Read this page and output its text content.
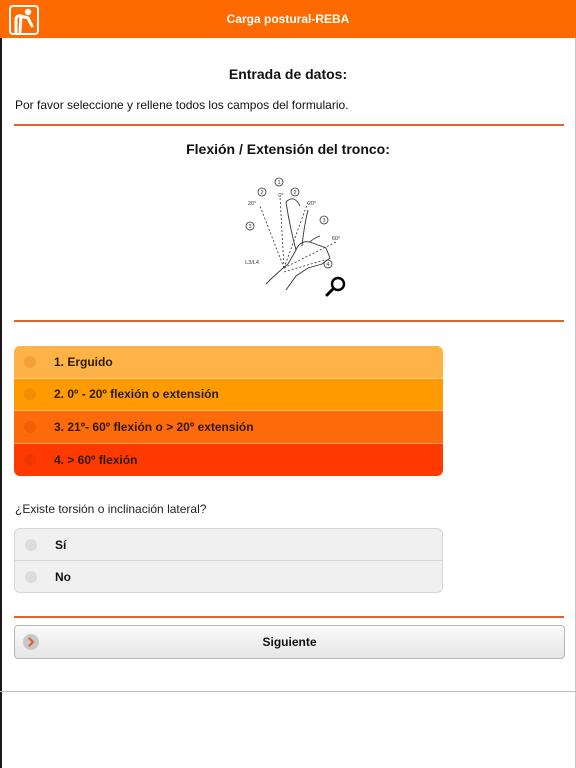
Carga postural-REBA
Entrada de datos:
Por favor seleccione y rellene todos los campos del formulario.
Flexión / Extensión del tronco:
1
2	2
3
3
4
0°
20°	20°
60°
L3/L4
1. Erguido
2. 0º - 20º flexión o extensión
3. 21º- 60º flexión o > 20º extensión
4. > 60º flexión
¿Existe torsión o inclinación lateral?
Sí
No
Siguiente
